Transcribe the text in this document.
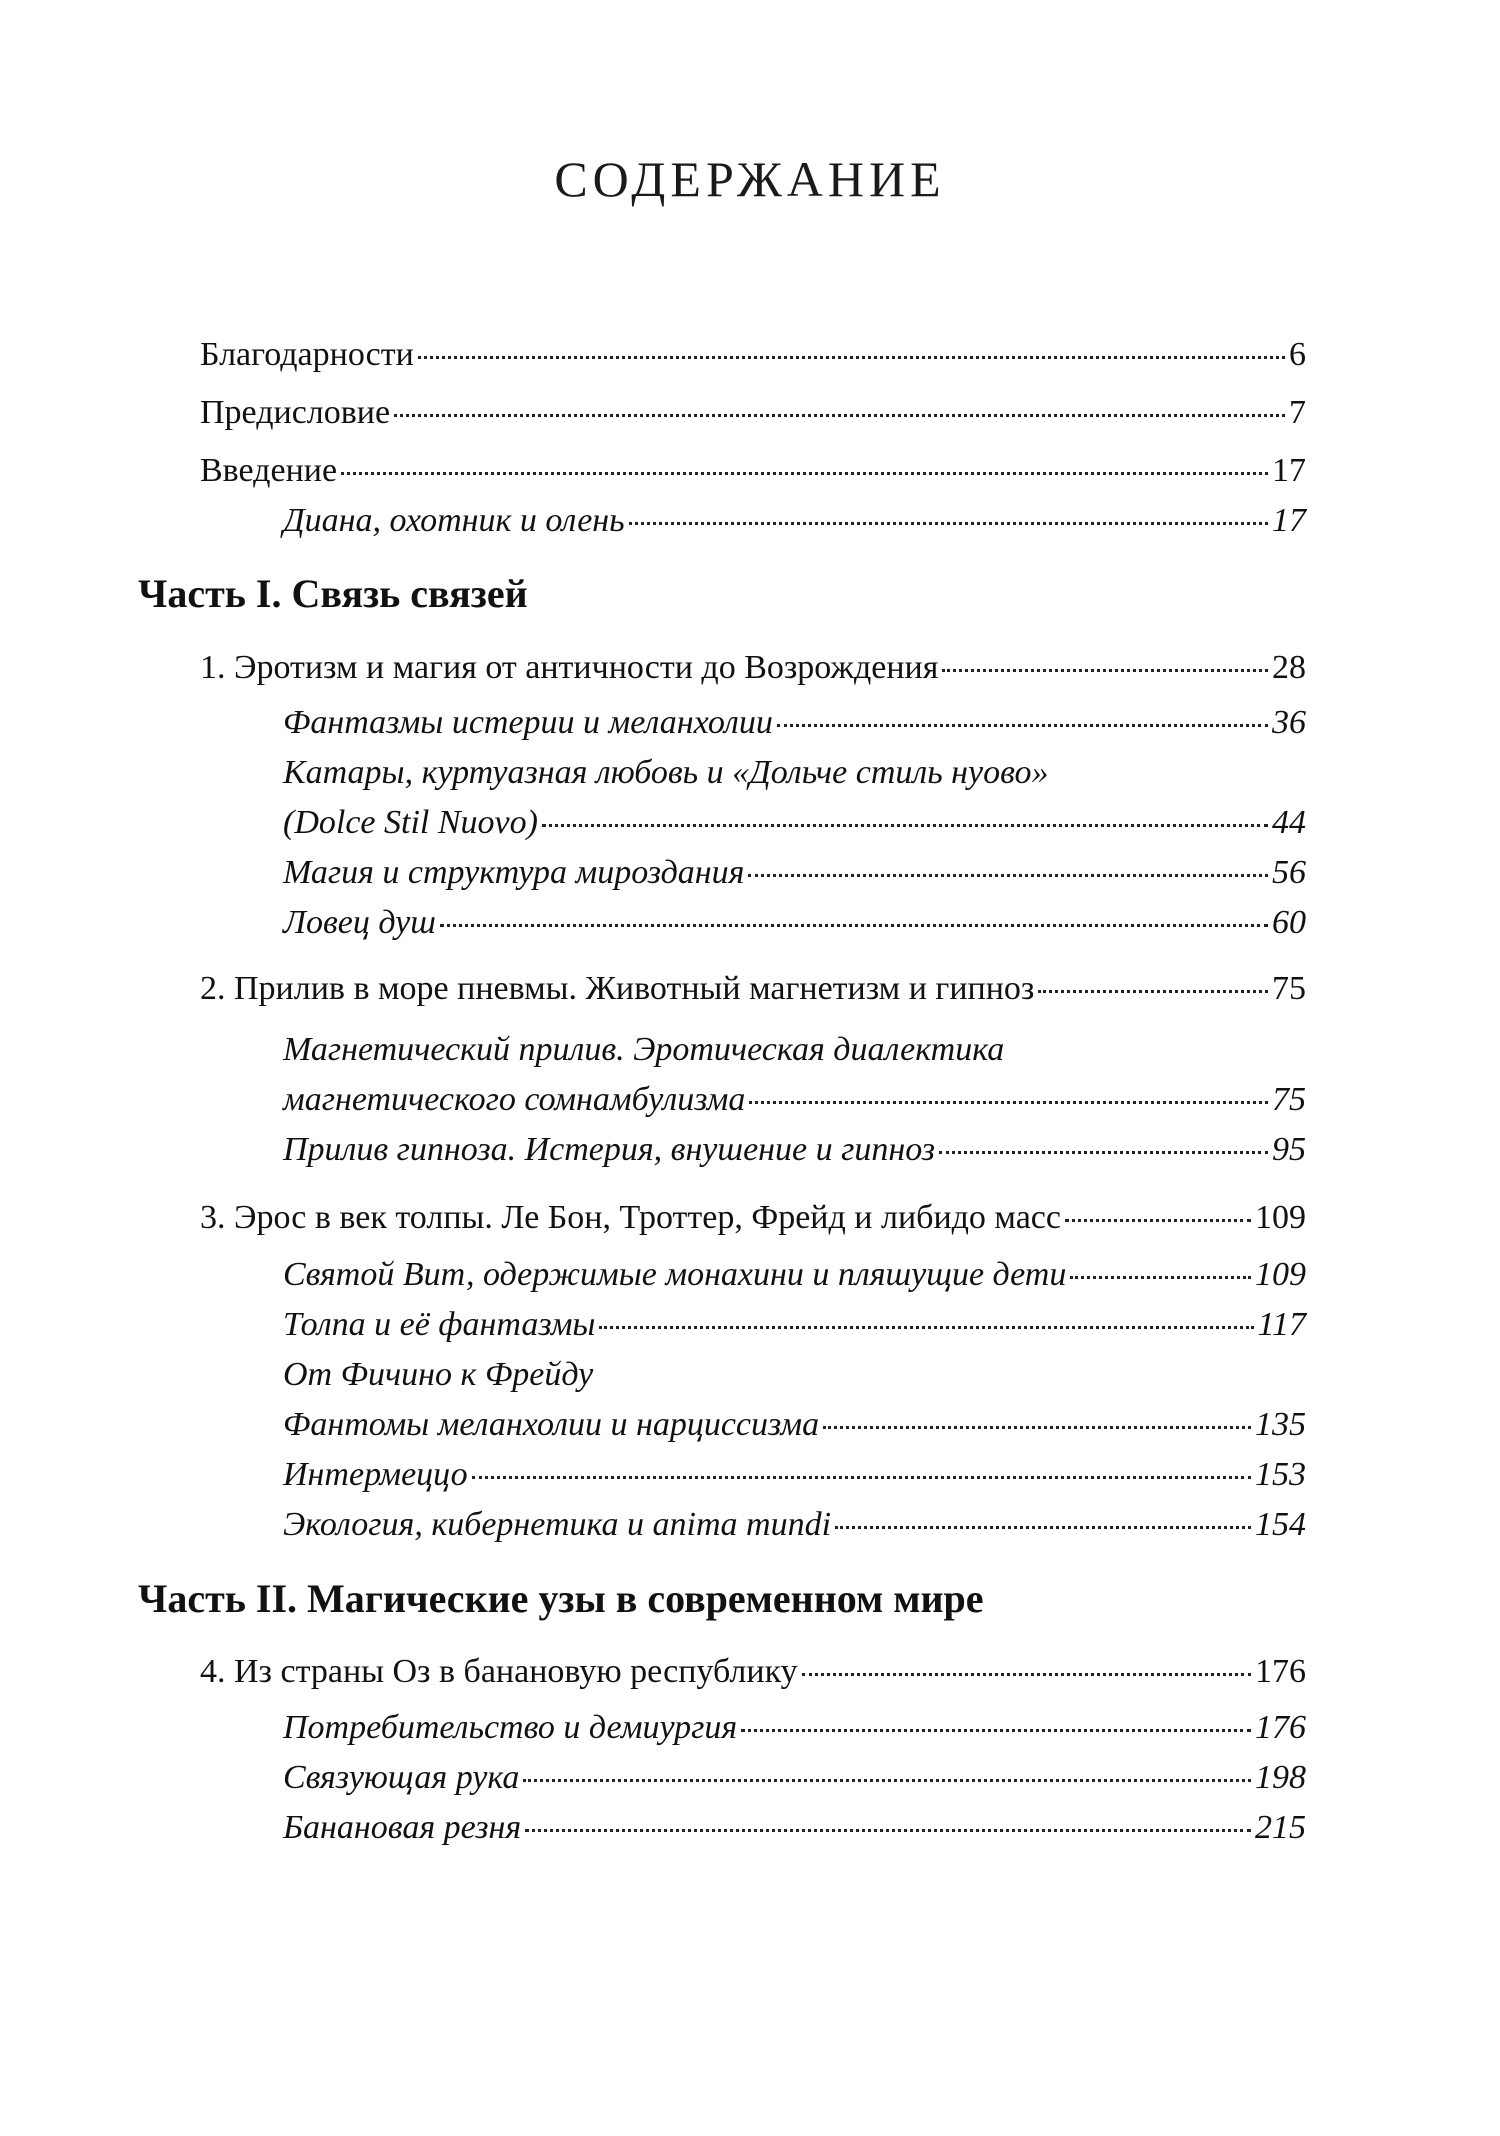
СОДЕРЖАНИЕ
Благодарности	6
Предисловие	7
Введение	17
Диана, охотник и олень	17
Часть I. Связь связей
1. Эротизм и магия от античности до Возрождения	28
Фантазмы истерии и меланхолии	36
Катары, куртуазная любовь и «Дольче стиль нуово»
(Dolce Stil Nuovo)	44
Магия и структура мироздания	56
Ловец душ	60
2. Прилив в море пневмы. Животный магнетизм и гипноз	75
Магнетический прилив. Эротическая диалектика
магнетического сомнамбулизма	75
Прилив гипноза. Истерия, внушение и гипноз	95
3. Эрос в век толпы. Ле Бон, Троттер, Фрейд и либидо масс	109
Святой Вит, одержимые монахини и пляшущие дети	109
Толпа и её фантазмы	117
От Фичино к Фрейду
Фантомы меланхолии и нарциссизма	135
Интермеццо	153
Экология, кибернетика и anima mundi	154
Часть II. Магические узы в современном мире
4. Из страны Оз в банановую республику	176
Потребительство и демиургия	176
Связующая рука	198
Банановая резня	215
